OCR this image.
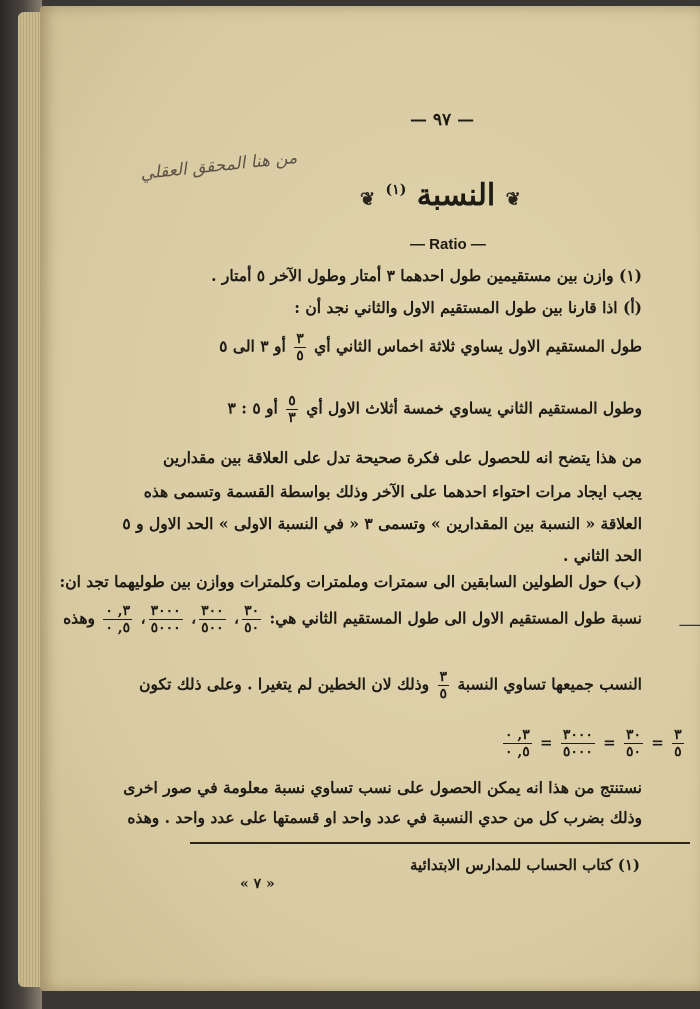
— ٩٧ —
من هنا المحقق العقلي
❦ النسبة $^{(١)}$ ❦
— Ratio —
(١) وازن بين مستقيمين طول احدهما ٣ أمتار وطول الآخر ٥ أمتار .
(أ) اذا قارنا بين طول المستقيم الاول والثاني نجد أن :
طول المستقيم الاول يساوي ثلاثة اخماس الثاني أي
$\frac{٣}{٥}$
أو ٣ الى ٥
وطول المستقيم الثاني يساوي خمسة أثلاث الاول أي
$\frac{٥}{٣}$
أو ٥ : ٣
من هذا يتضح انه للحصول على فكرة صحيحة تدل على العلاقة بين مقدارين
يجب ايجاد مرات احتواء احدهما على الآخر وذلك بواسطة القسمة وتسمى هذه
العلاقة « النسبة بين المقدارين » وتسمى ٣ « في النسبة الاولى » الحد الاول و ٥
الحد الثاني .
(ب) حول الطولين السابقين الى سمترات وملمترات وكلمترات ووازن بين طوليهما تجد ان:
نسبة طول المستقيم الاول الى طول المستقيم الثاني هي:
$\frac{٣٠}{٥٠}$
،
$\frac{٣٠٠}{٥٠٠}$
،
$\frac{٣٠٠٠}{٥٠٠٠}$
،
$\frac{٣, ٠}{٥, ٠}$
وهذه
النسب جميعها تساوي النسبة
$\frac{٣}{٥}$
وذلك لان الخطين لم يتغيرا . وعلى ذلك تكون
$\frac{٣, ٠}{٥, ٠} = \frac{٣٠٠٠}{٥٠٠٠} = \frac{٣٠}{٥٠} = \frac{٣}{٥}$
نستنتج من هذا انه يمكن الحصول على نسب تساوي نسبة معلومة في صور اخرى
وذلك بضرب كل من حدي النسبة في عدد واحد او قسمتها على عدد واحد . وهذه
(١) كتاب الحساب للمدارس الابتدائية
« ٧ »
ـــــ
